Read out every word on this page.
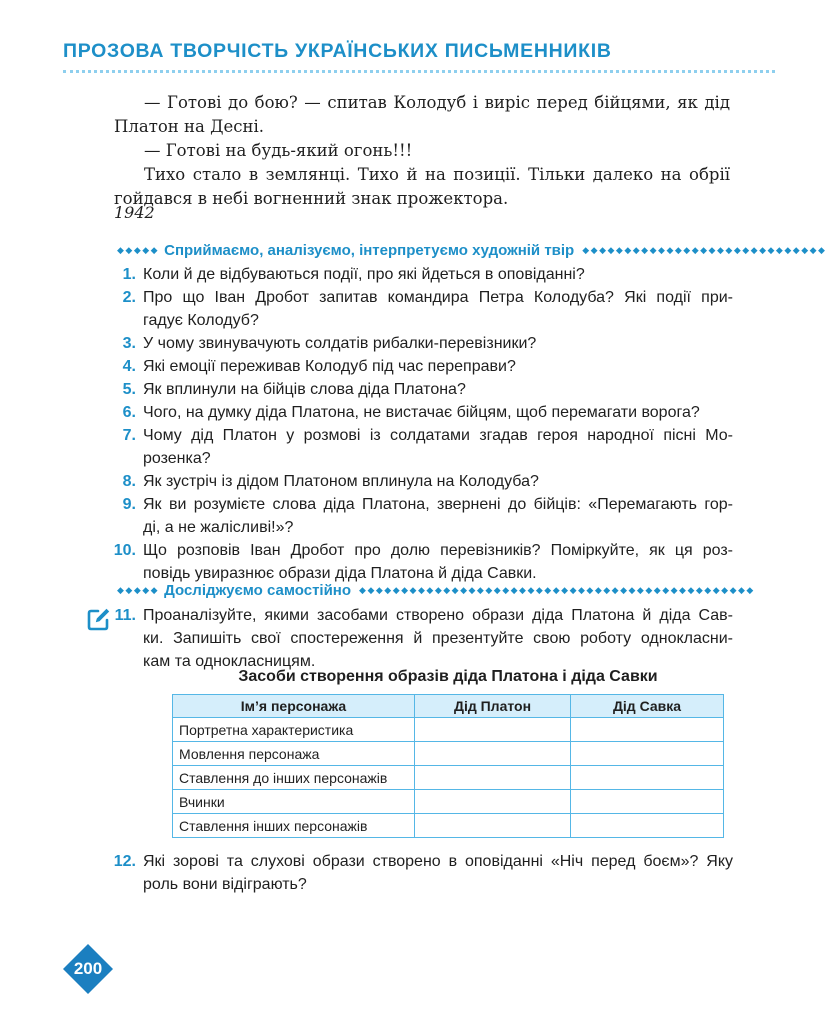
ПРОЗОВА ТВОРЧІСТЬ УКРАЇНСЬКИХ ПИСЬМЕННИКІВ

— Готові до бою? — спитав Колодуб і виріс перед бійцями, як дід
Платон на Десні.

— Готові на будь-який огонь!!!

Тихо стало в землянці. Тихо й на позиції. Тільки далеко на обрії
гойдався в небі вогненний знак прожектора.

1942
◆◆◆◆◆ Сприймаємо, аналізуємо, інтерпретуємо художній твір ◆◆◆◆◆◆◆◆◆◆◆◆◆◆◆◆◆◆◆◆◆◆◆◆◆◆◆◆◆
1. Коли й де відбуваються події, про які йдеться в оповіданні?
2. Про що Іван Дробот запитав командира Петра Колодуба? Які події при-
гадує Колодуб?
3. У чому звинувачують солдатів рибалки-перевізники?
4. Які емоції переживав Колодуб під час переправи?
5. Як вплинули на бійців слова діда Платона?
6. Чого, на думку діда Платона, не вистачає бійцям, щоб перемагати ворога?
7. Чому дід Платон у розмові із солдатами згадав героя народної пісні Мо-
розенка?
8. Як зустріч із дідом Платоном вплинула на Колодуба?
9. Як ви розумієте слова діда Платона, звернені до бійців: «Перемагають гор-
ді, а не жалісливі!»?
10. Що розповів Іван Дробот про долю перевізників? Поміркуйте, як ця роз-
повідь увиразнює образи діда Платона й діда Савки.
◆◆◆◆◆ Досліджуємо самостійно ◆◆◆◆◆◆◆◆◆◆◆◆◆◆◆◆◆◆◆◆◆◆◆◆◆◆◆◆◆◆◆◆◆◆◆◆◆◆◆◆◆◆◆◆◆◆◆
11. Проаналізуйте, якими засобами створено образи діда Платона й діда Сав-
ки. Запишіть свої спостереження й презентуйте свою роботу однокласни-
кам та однокласницям.
Засоби створення образів діда Платона і діда Савки
Ім’я персонажа	Дід Платон	Дід Савка
Портретна характеристика		
Мовлення персонажа		
Ставлення до інших персонажів		
Вчинки		
Ставлення інших персонажів		
12. Які зорові та слухові образи створено в оповіданні «Ніч перед боєм»? Яку
роль вони відіграють?
200
